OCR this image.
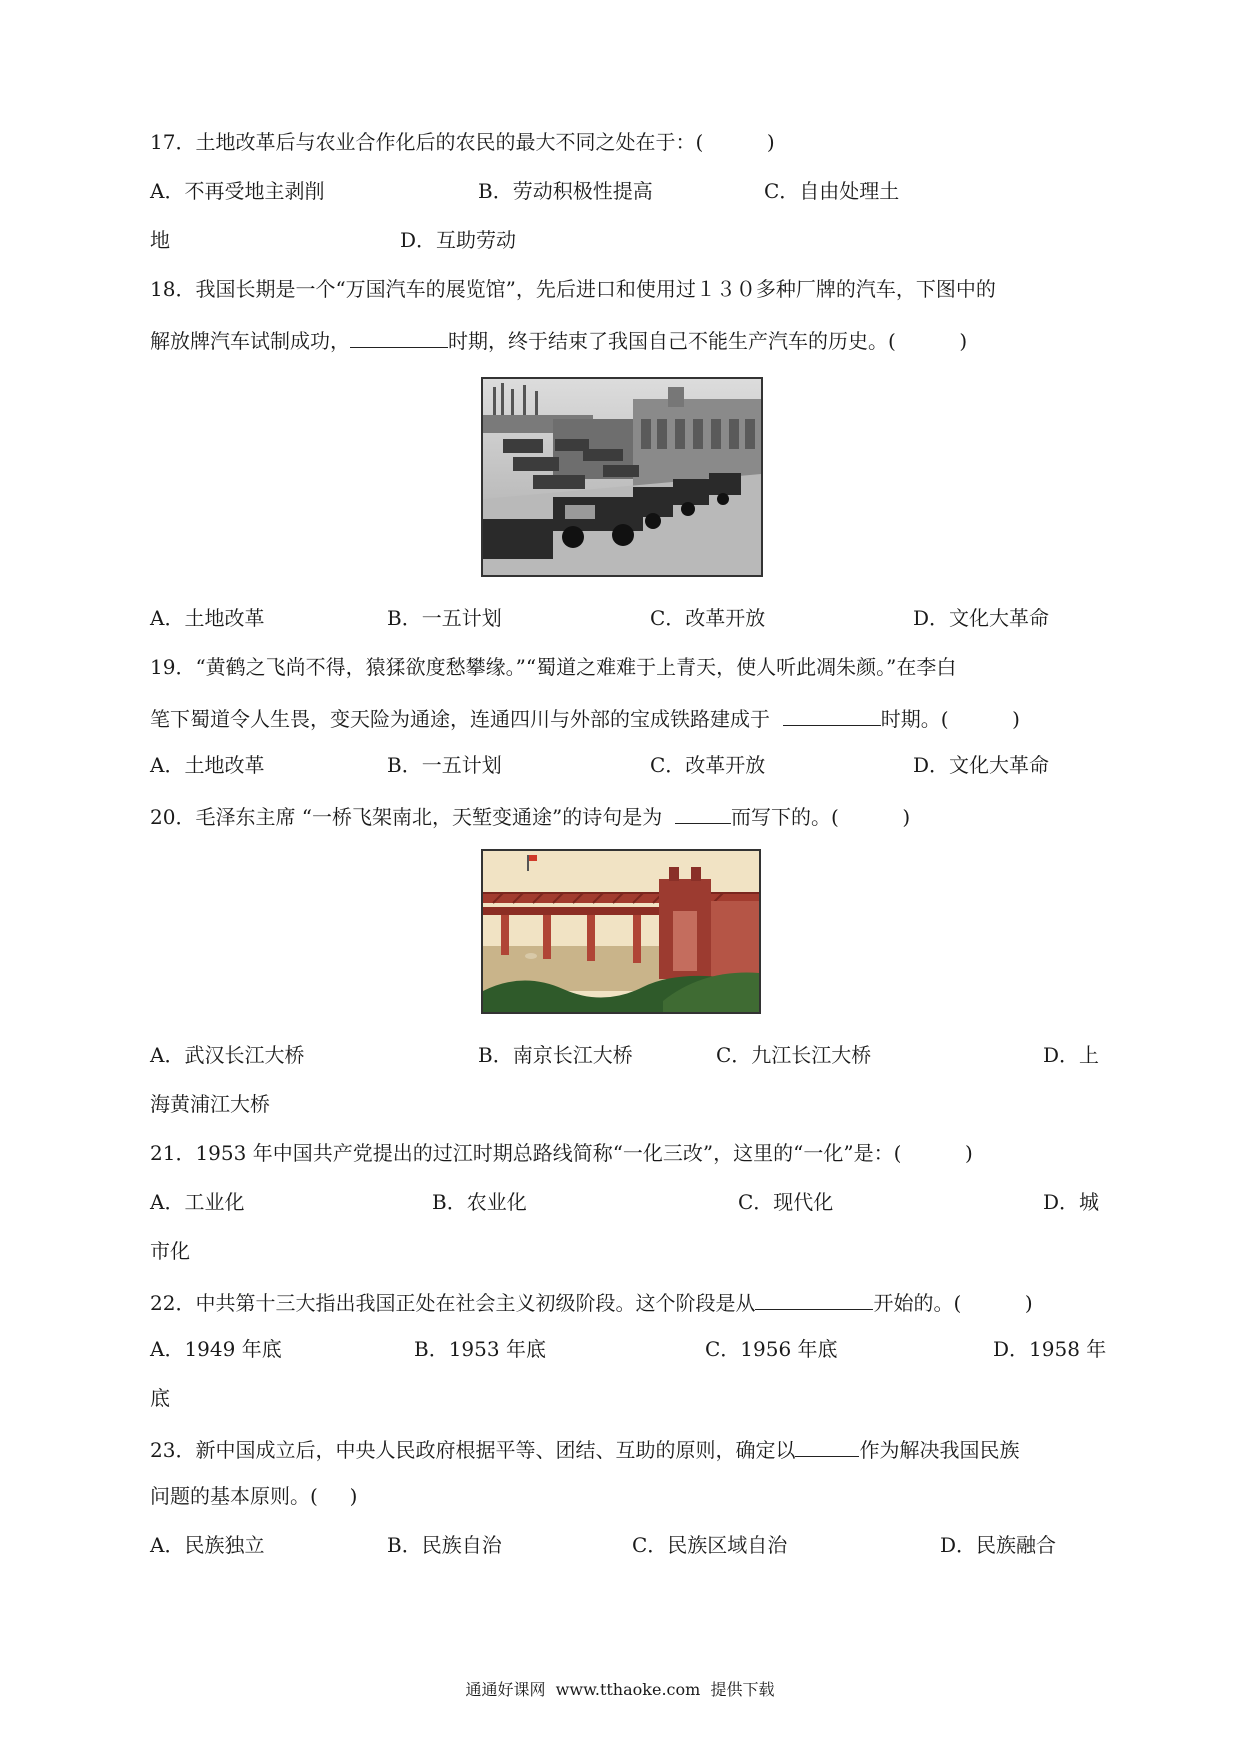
17．土地改革后与农业合作化后的农民的最大不同之处在于：(          )
A．不再受地主剥削	B．劳动积极性提高	C．自由处理土
地	D．互助劳动
18．我国长期是一个“万国汽车的展览馆”，先后进口和使用过１３０多种厂牌的汽车，下图中的
解放牌汽车试制成功，	时期，终于结束了我国自己不能生产汽车的历史。(          )
A．土地改革	B．一五计划	C．改革开放	D．文化大革命
19．“黄鹤之飞尚不得，猿猱欲度愁攀缘。”“蜀道之难难于上青天，使人听此凋朱颜。”在李白
笔下蜀道令人生畏，变天险为通途，连通四川与外部的宝成铁路建成于	时期。(          )
A．土地改革	B．一五计划	C．改革开放	D．文化大革命
20．毛泽东主席 “一桥飞架南北，天堑变通途”的诗句是为	而写下的。(          )
A．武汉长江大桥	B．南京长江大桥	C．九江长江大桥	D．上
海黄浦江大桥
21．1953 年中国共产党提出的过江时期总路线简称“一化三改”，这里的“一化”是：(          )
A．工业化	B．农业化	C．现代化	D．城
市化
22．中共第十三大指出我国正处在社会主义初级阶段。这个阶段是从	开始的。(          )
A．1949 年底	B．1953 年底	C．1956 年底	D．1958 年
底
23．新中国成立后，中央人民政府根据平等、团结、互助的原则，确定以	作为解决我国民族
问题的基本原则。(     )
A．民族独立	B．民族自治	C．民族区域自治	D．民族融合
通通好课网  www.tthaoke.com  提供下载
